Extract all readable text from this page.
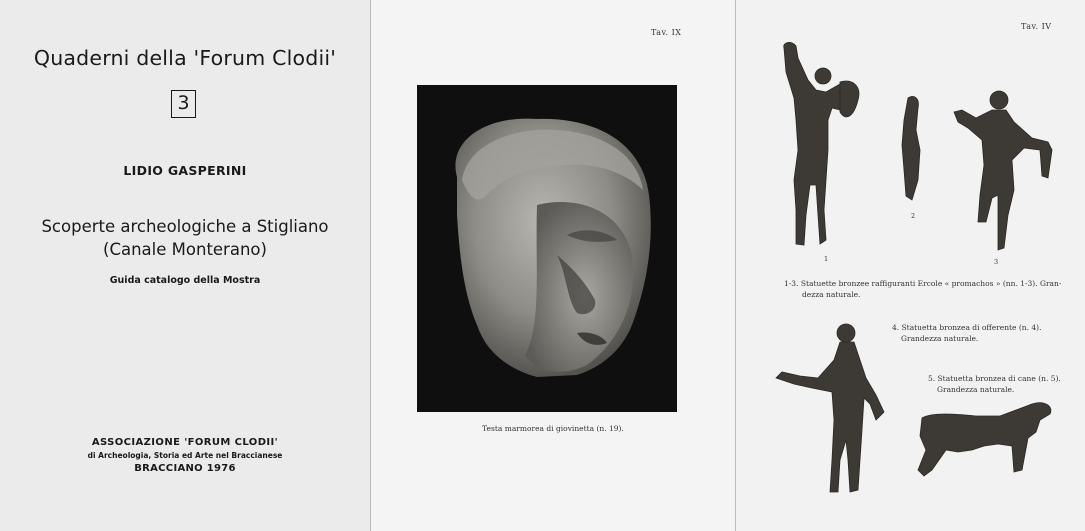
Quaderni della 'Forum Clodii'
3
LIDIO GASPERINI
Scoperte archeologiche a Stigliano
(Canale Monterano)
Guida catalogo della Mostra
ASSOCIAZIONE 'FORUM CLODII'
di Archeologia, Storia ed Arte nel Braccianese
BRACCIANO 1976
Tav. IX
Testa marmorea di giovinetta (n. 19).
Tav. IV
1
2
3
1-3. Statuette bronzee raffiguranti Ercole « promachos » (nn. 1-3). Gran-
dezza naturale.
4. Statuetta bronzea di offerente (n. 4).
Grandezza naturale.
5. Statuetta bronzea di cane (n. 5).
Grandezza naturale.
